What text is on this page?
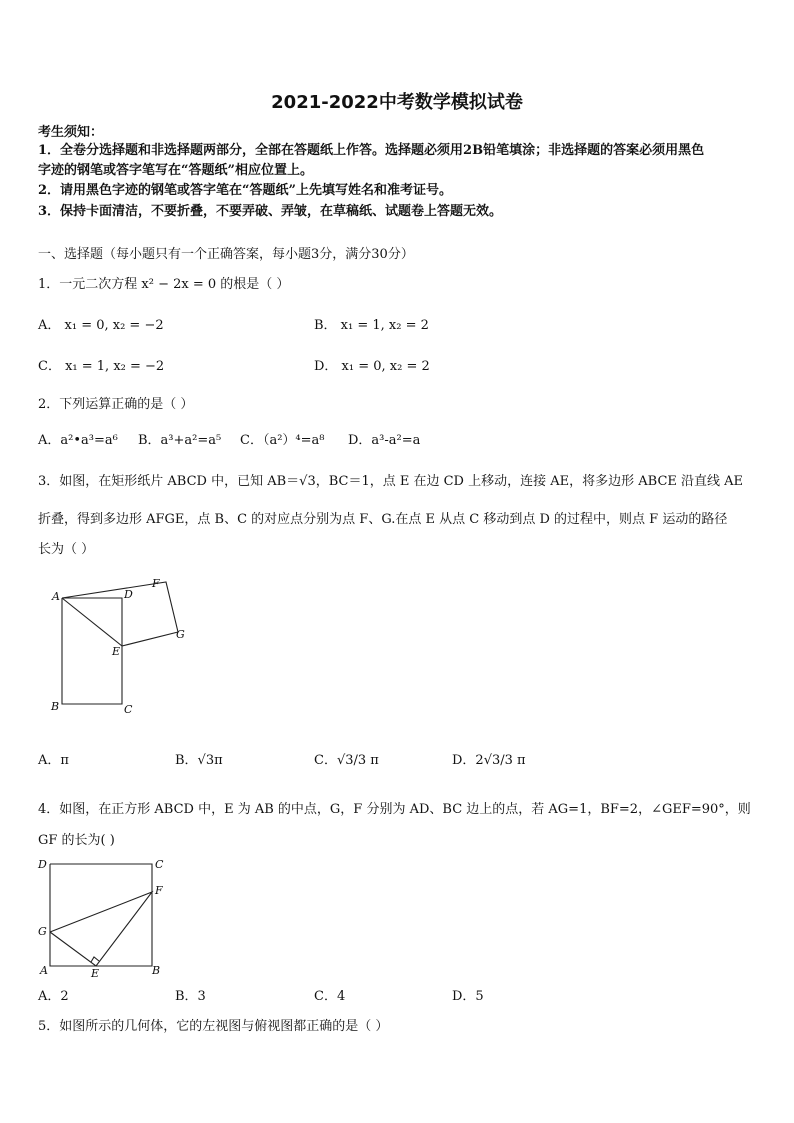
2021-2022中考数学模拟试卷
考生须知：
1．全卷分选择题和非选择题两部分，全部在答题纸上作答。选择题必须用2B铅笔填涂；非选择题的答案必须用黑色
字迹的钢笔或答字笔写在“答题纸”相应位置上。
2．请用黑色字迹的钢笔或答字笔在“答题纸”上先填写姓名和准考证号。
3．保持卡面清洁，不要折叠，不要弄破、弄皱，在草稿纸、试题卷上答题无效。
一、选择题（每小题只有一个正确答案，每小题3分，满分30分）
1．一元二次方程 x² − 2x = 0 的根是（ ）
A． x₁ = 0, x₂ = −2	B． x₁ = 1, x₂ = 2
C． x₁ = 1, x₂ = −2	D． x₁ = 0, x₂ = 2
2．下列运算正确的是（ ）
A．a²•a³=a⁶ B．a³+a²=a⁵ C．（a²）⁴=a⁸ D．a³-a²=a
3．如图，在矩形纸片 ABCD 中，已知 AB＝√3，BC＝1，点 E 在边 CD 上移动，连接 AE，将多边形 ABCE 沿直线 AE
折叠，得到多边形 AFGE，点 B、C 的对应点分别为点 F、G.在点 E 从点 C 移动到点 D 的过程中，则点 F 运动的路径
长为（ ）
A	D
F
G
E
B	C
A．π	B．√3π	C．√3/3 π	D．2√3/3 π
4．如图，在正方形 ABCD 中，E 为 AB 的中点，G，F 分别为 AD、BC 边上的点，若 AG=1，BF=2，∠GEF=90°，则
GF 的长为( )
D	C
F
G
A	E	B
A．2	B．3	C．4	D．5
5．如图所示的几何体，它的左视图与俯视图都正确的是（ ）
